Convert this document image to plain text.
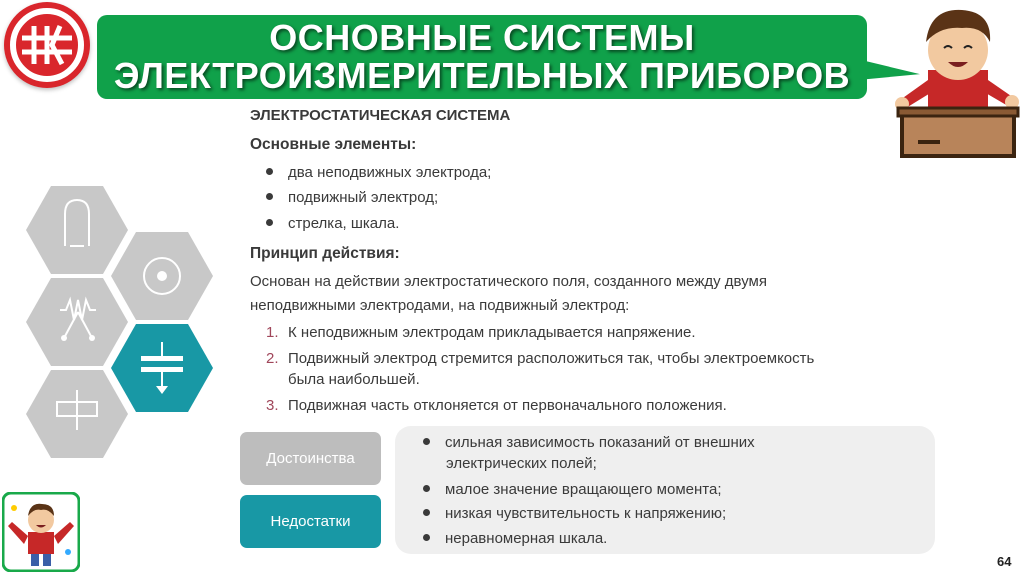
ОСНОВНЫЕ СИСТЕМЫ
ЭЛЕКТРОИЗМЕРИТЕЛЬНЫХ ПРИБОРОВ
ЭЛЕКТРОСТАТИЧЕСКАЯ СИСТЕМА
Основные элементы:
два неподвижных электрода;
подвижный электрод;
стрелка, шкала.
Принцип действия:
Основан на действии электростатического поля, созданного между двумя
неподвижными электродами, на подвижный электрод:
1. К неподвижным электродам прикладывается напряжение.
2. Подвижный электрод стремится расположиться так, чтобы электроемкость
была наибольшей.
3. Подвижная часть отклоняется от первоначального положения.
Достоинства
Недостатки
сильная зависимость показаний от внешних
электрических полей;
малое значение вращающего момента;
низкая чувствительность к напряжению;
неравномерная шкала.
64
